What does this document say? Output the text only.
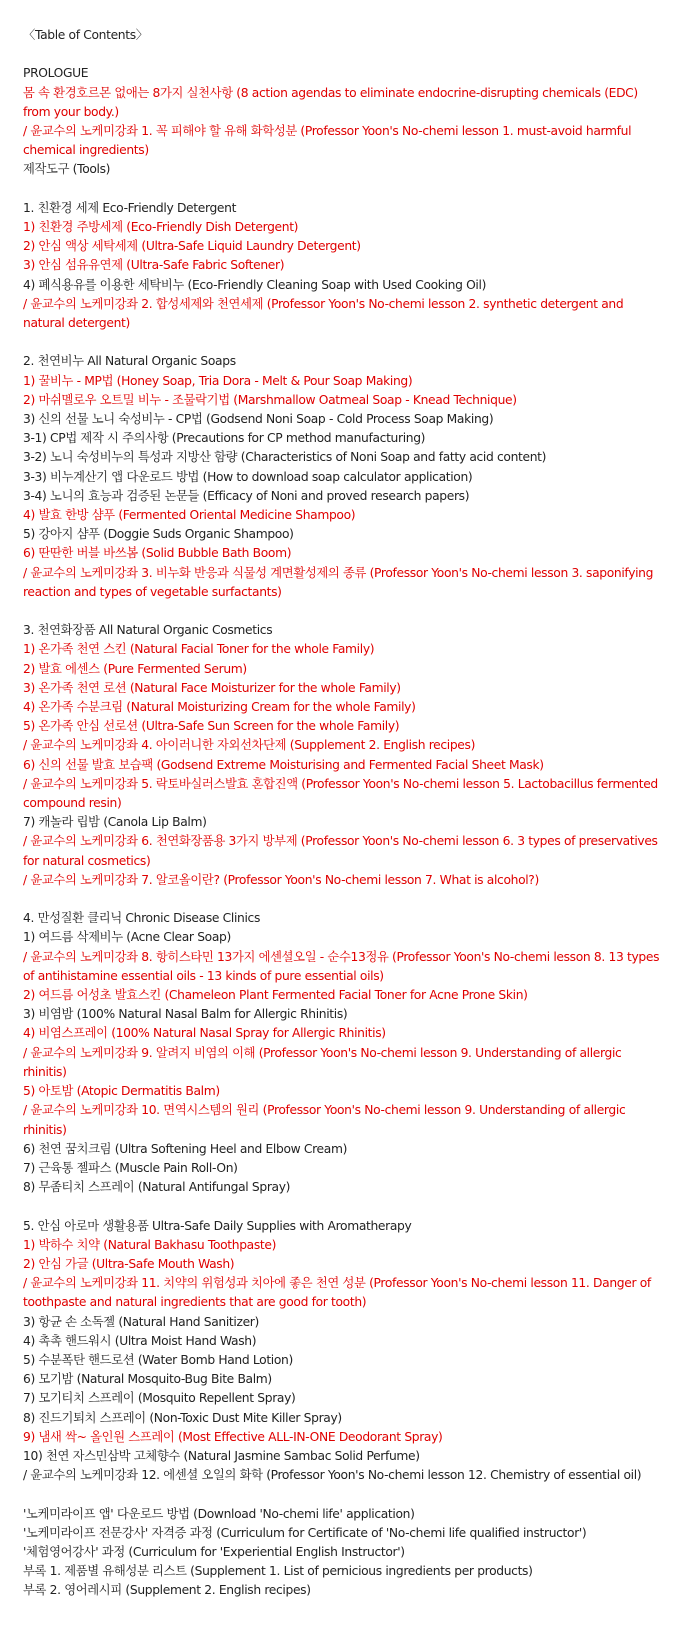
〈Table of Contents〉
PROLOGUE
몸 속 환경호르몬 없애는 8가지 실천사항 (8 action agendas to eliminate endocrine-disrupting chemicals (EDC) from your body.)
/ 윤교수의 노케미강좌 1. 꼭 피해야 할 유해 화학성분 (Professor Yoon's No-chemi lesson 1. must-avoid harmful chemical ingredients)
제작도구 (Tools)
1. 친환경 세제 Eco-Friendly Detergent
1) 친환경 주방세제 (Eco-Friendly Dish Detergent)
2) 안심 액상 세탁세제 (Ultra-Safe Liquid Laundry Detergent)
3) 안심 섬유유연제 (Ultra-Safe Fabric Softener)
4) 폐식용유를 이용한 세탁비누 (Eco-Friendly Cleaning Soap with Used Cooking Oil)
/ 윤교수의 노케미강좌 2. 합성세제와 천연세제 (Professor Yoon's No-chemi lesson 2. synthetic detergent and natural detergent)
2. 천연비누 All Natural Organic Soaps
1) 꿀비누 - MP법 (Honey Soap, Tria Dora - Melt & Pour Soap Making)
2) 마쉬멜로우 오트밀 비누 - 조물락기법 (Marshmallow Oatmeal Soap - Knead Technique)
3) 신의 선물 노니 숙성비누 - CP법 (Godsend Noni Soap - Cold Process Soap Making)
3-1) CP법 제작 시 주의사항 (Precautions for CP method manufacturing)
3-2) 노니 숙성비누의 특성과 지방산 함량 (Characteristics of Noni Soap and fatty acid content)
3-3) 비누계산기 앱 다운로드 방법 (How to download soap calculator application)
3-4) 노니의 효능과 검증된 논문들 (Efficacy of Noni and proved research papers)
4) 발효 한방 샴푸 (Fermented Oriental Medicine Shampoo)
5) 강아지 샴푸 (Doggie Suds Organic Shampoo)
6) 딴딴한 버블 바쓰봄 (Solid Bubble Bath Boom)
/ 윤교수의 노케미강좌 3. 비누화 반응과 식물성 계면활성제의 종류 (Professor Yoon's No-chemi lesson 3. saponifying reaction and types of vegetable surfactants)
3. 천연화장품 All Natural Organic Cosmetics
1) 온가족 천연 스킨 (Natural Facial Toner for the whole Family)
2) 발효 에센스 (Pure Fermented Serum)
3) 온가족 천연 로션 (Natural Face Moisturizer for the whole Family)
4) 온가족 수분크림 (Natural Moisturizing Cream for the whole Family)
5) 온가족 안심 선로션 (Ultra-Safe Sun Screen for the whole Family)
/ 윤교수의 노케미강좌 4. 아이러니한 자외선차단제 (Supplement 2. English recipes)
6) 신의 선물 발효 보습팩 (Godsend Extreme Moisturising and Fermented Facial Sheet Mask)
/ 윤교수의 노케미강좌 5. 락토바실러스발효 혼합진액 (Professor Yoon's No-chemi lesson 5. Lactobacillus fermented compound resin)
7) 캐놀라 립밤 (Canola Lip Balm)
/ 윤교수의 노케미강좌 6. 천연화장품용 3가지 방부제 (Professor Yoon's No-chemi lesson 6. 3 types of preservatives for natural cosmetics)
/ 윤교수의 노케미강좌 7. 알코올이란? (Professor Yoon's No-chemi lesson 7. What is alcohol?)
4. 만성질환 클리닉 Chronic Disease Clinics
1) 여드름 삭제비누 (Acne Clear Soap)
/ 윤교수의 노케미강좌 8. 항히스타민 13가지 에센셜오일 - 순수13정유 (Professor Yoon's No-chemi lesson 8. 13 types of antihistamine essential oils - 13 kinds of pure essential oils)
2) 여드름 어성초 발효스킨 (Chameleon Plant Fermented Facial Toner for Acne Prone Skin)
3) 비염밤 (100% Natural Nasal Balm for Allergic Rhinitis)
4) 비염스프레이 (100% Natural Nasal Spray for Allergic Rhinitis)
/ 윤교수의 노케미강좌 9. 알려지 비염의 이해 (Professor Yoon's No-chemi lesson 9. Understanding of allergic rhinitis)
5) 아토밤 (Atopic Dermatitis Balm)
/ 윤교수의 노케미강좌 10. 면역시스템의 원리 (Professor Yoon's No-chemi lesson 9. Understanding of allergic rhinitis)
6) 천연 꿈치크림 (Ultra Softening Heel and Elbow Cream)
7) 근육통 젤파스 (Muscle Pain Roll-On)
8) 무좀티치 스프레이 (Natural Antifungal Spray)
5. 안심 아로마 생활용품 Ultra-Safe Daily Supplies with Aromatherapy
1) 박하수 치약 (Natural Bakhasu Toothpaste)
2) 안심 가글 (Ultra-Safe Mouth Wash)
/ 윤교수의 노케미강좌 11. 치약의 위험성과 치아에 좋은 천연 성분 (Professor Yoon's No-chemi lesson 11. Danger of toothpaste and natural ingredients that are good for tooth)
3) 항균 손 소독젤 (Natural Hand Sanitizer)
4) 촉촉 핸드워시 (Ultra Moist Hand Wash)
5) 수분폭탄 핸드로션 (Water Bomb Hand Lotion)
6) 모기밤 (Natural Mosquito-Bug Bite Balm)
7) 모기티치 스프레이 (Mosquito Repellent Spray)
8) 진드기퇴치 스프레이 (Non-Toxic Dust Mite Killer Spray)
9) 냄새 싹~ 올인원 스프레이 (Most Effective ALL-IN-ONE Deodorant Spray)
10) 천연 자스민삼박 고체향수 (Natural Jasmine Sambac Solid Perfume)
/ 윤교수의 노케미강좌 12. 에센셜 오일의 화학 (Professor Yoon's No-chemi lesson 12. Chemistry of essential oil)
'노케미라이프 앱' 다운로드 방법 (Download 'No-chemi life' application)
'노케미라이프 전문강사' 자격증 과정 (Curriculum for Certificate of 'No-chemi life qualified instructor')
'체험영어강사' 과정 (Curriculum for 'Experiential English Instructor')
부록 1. 제품별 유해성분 리스트 (Supplement 1. List of pernicious ingredients per products)
부록 2. 영어레시피 (Supplement 2. English recipes)
